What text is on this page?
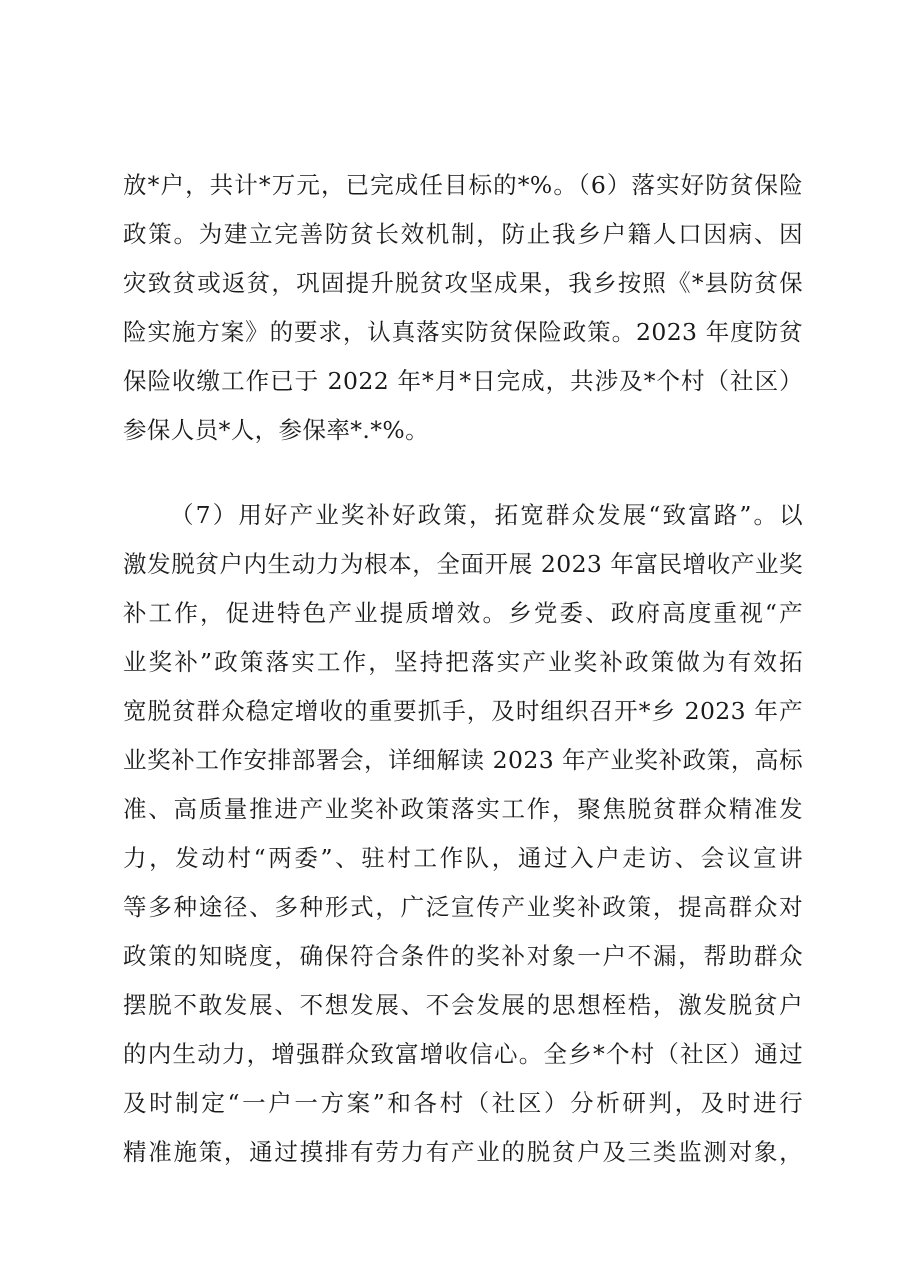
放*户，共计*万元，已完成任目标的*%。（6）落实好防贫保险
政策。为建立完善防贫长效机制，防止我乡户籍人口因病、因
灾致贫或返贫，巩固提升脱贫攻坚成果，我乡按照《*县防贫保
险实施方案》的要求，认真落实防贫保险政策。2023 年度防贫
保险收缴工作已于 2022 年*月*日完成，共涉及*个村（社区）
参保人员*人，参保率*.*%。
（7）用好产业奖补好政策，拓宽群众发展“致富路”。以
激发脱贫户内生动力为根本，全面开展 2023 年富民增收产业奖
补工作，促进特色产业提质增效。乡党委、政府高度重视“产
业奖补”政策落实工作，坚持把落实产业奖补政策做为有效拓
宽脱贫群众稳定增收的重要抓手，及时组织召开*乡 2023 年产
业奖补工作安排部署会，详细解读 2023 年产业奖补政策，高标
准、高质量推进产业奖补政策落实工作，聚焦脱贫群众精准发
力，发动村“两委”、驻村工作队，通过入户走访、会议宣讲
等多种途径、多种形式，广泛宣传产业奖补政策，提高群众对
政策的知晓度，确保符合条件的奖补对象一户不漏，帮助群众
摆脱不敢发展、不想发展、不会发展的思想桎梏，激发脱贫户
的内生动力，增强群众致富增收信心。全乡*个村（社区）通过
及时制定“一户一方案”和各村（社区）分析研判，及时进行
精准施策，通过摸排有劳力有产业的脱贫户及三类监测对象，
